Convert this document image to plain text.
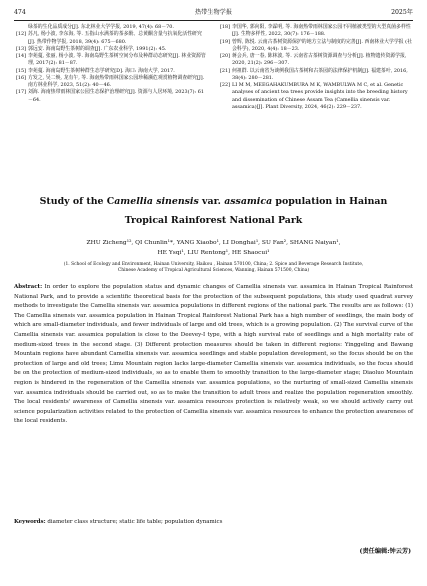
474	热带生物学报	2025年
绿茶的生化品质成分[J]. 东北林业大学学报, 2019, 47(4): 68－70.
[12] 苏凡, 杨小波, 李东海, 等. 五指山水满茶的茶多酚、总黄酮含量与抗氧化活性研究[J]. 热带作物学报, 2018, 39(4): 675－680.
[13] 郭远安. 海南岛野生茶树的调查[J]. 广东农业科学, 1991(2): 45.
[14] 李苑蔓, 张丽, 杨小波, 等. 海南岛野生茶树空间分布及种群动态研究[J]. 林业资源管理, 2017(2): 81－87.
[15] 李苑蔓. 海南岛野生茶树种群生态学研究[D]. 海口: 海南大学, 2017.
[16] 方发之, 吴二焕, 龙有午, 等. 海南热带雨林国家公园珍稀濒危观赏植物调查研究[J]. 南方林业科学, 2023, 51(2): 40－46.
[17] 刘海. 海南热带雨林国家公园生态保护治理研究[J]. 资源与人居环境, 2023(7): 61－64.
[18] 李国华, 郭向阳, 李霖明, 等. 海南热带雨林国家公园不同植被类型的大型真菌多样性[J]. 生物多样性, 2022, 30(7): 176－188.
[19] 曾辉, 陈悦. 云南古茶树资源保护的地方立法与制度的完善[J]. 西南林业大学学报 (社会科学), 2020, 4(4): 18－23.
[20] 蒋会兵, 唐一春, 陈林波, 等. 云南省古茶树资源调查与分析[J]. 植物遗传资源学报, 2020, 21(2): 296－307.
[21] 何祖群. 以云南省为谈例我国古茶树和古茶园的法律保护机制[J]. 福建茶叶, 2016, 38(4): 280－281.
[22] LI M M, MEEGAHAKUMBURA M K, WAMBULWA M C, et al. Genetic analyses of ancient tea trees provide insights into the breeding history and dissemination of Chinese Assam Tea (Camellia sinensis var. assamica)[J]. Plant Diversity, 2024, 46(2): 229－237.
Study of the Camellia sinensis var. assamica population in Hainan
Tropical Rainforest National Park
ZHU Zicheng¹², QI Chunlin¹*, YANG Xiaobo¹, LI Donghai¹, SU Fan², SHANG Naiyan¹,
HE Ysqi¹, LIU Rentong¹, HE Shaocui¹
(1. School of Ecology and Environment, Hainan University, Haikou , Hainan 570100, China; 2. Spice and Beverage Research Institute,
Chinese Academy of Tropical Agricultural Sciences, Wanning, Hainan 571500, China)
Abstract: In order to explore the population status and dynamic changes of Camellia sinensis var. assamica in Hainan Tropical Rainforest National Park, and to provide a scientific theoretical basis for the protection of the subsequent populations, this study used quadrat survey methods to investigate the Camellia sinensis var. assamica populations in different regions of the national park. The results are as follows: (1) The Camellia sinensis var. assamica population in Hainan Tropical Rainforest National Park has a high number of seedlings, the main body of which are small-diameter individuals, and fewer individuals of large and old trees, which is a growing population. (2) The survival curve of the Camellia sinensis var. assamica population is close to the Deevey-I type, with a high survival rate of seedlings and a high mortality rate of medium-sized trees in the second stage. (3) Different protection measures should be taken in different regions: Yinggeling and Bawang Mountain regions have abundant Camellia sinensis var. assamica seedlings and stable population development, so the focus should be on the protection of large and old trees; Limu Mountain region lacks large-diameter Camellia sinensis var. assamica individuals, so the focus should be on the protection of medium-sized individuals, so as to enable them to smoothly transition to the large-diameter stage; Diaoluo Mountain region is hindered in the regeneration of the Camellia sinensis var. assamica populations, so the nurturing of small-sized Camellia sinensis var. assamica individuals should be carried out, so as to make the transition to adult trees and realize the population regeneration smoothly. The local residents' awareness of Camellia sinensis var. assamica resources protection is relatively weak, so we should actively carry out science popularization activities related to the protection of Camellia sinensis var. assamica resources to enhance the protection awareness of the local residents.
Keywords: diameter class structure; static life table; population dynamics
(责任编辑:钟云芳)
